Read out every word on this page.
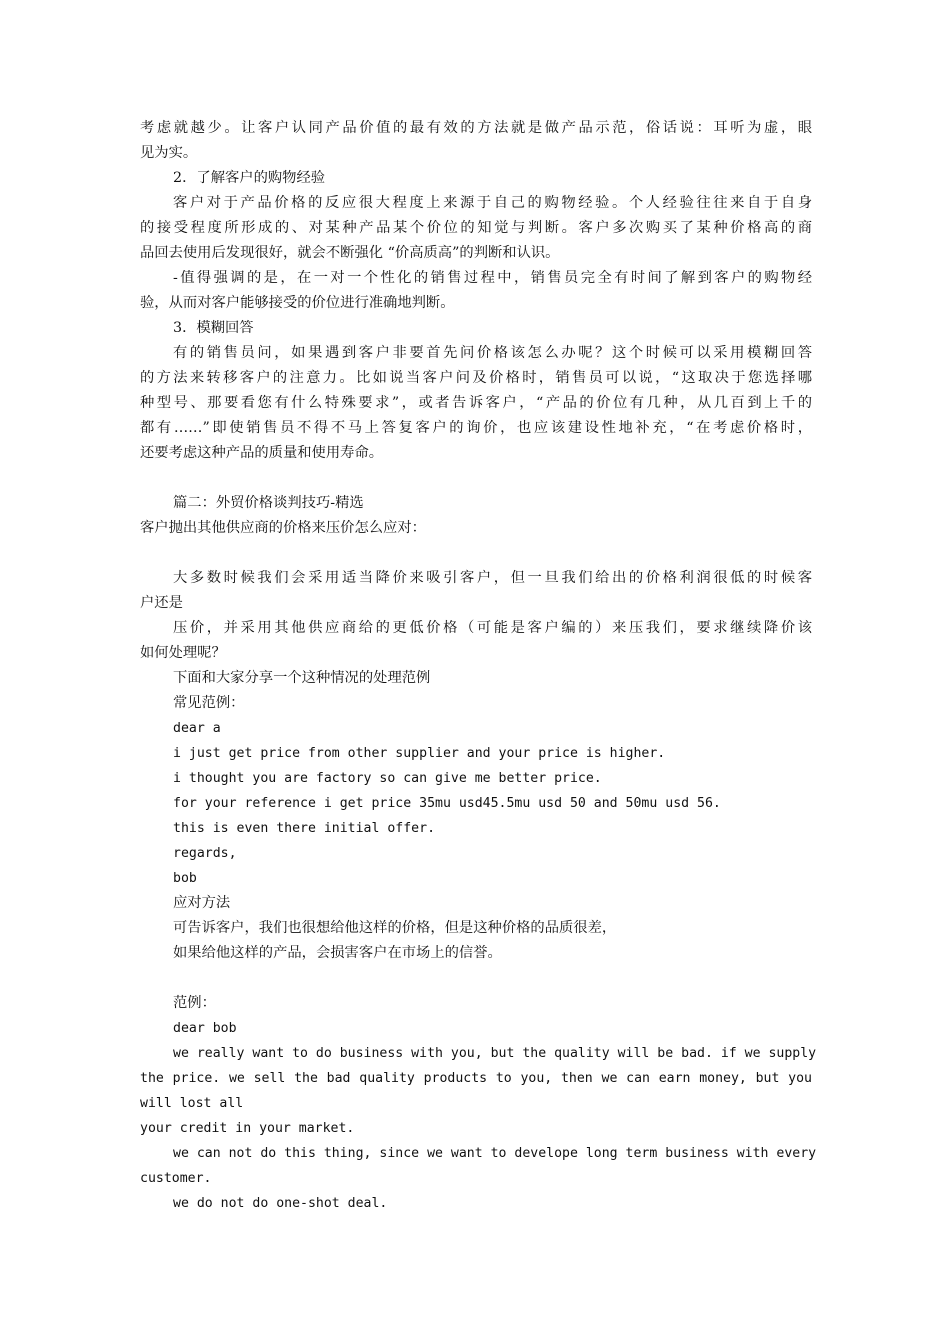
考虑就越少。让客户认同产品价值的最有效的方法就是做产品示范，俗话说：耳听为虚，眼
见为实。
2．了解客户的购物经验
客户对于产品价格的反应很大程度上来源于自己的购物经验。个人经验往往来自于自身
的接受程度所形成的、对某种产品某个价位的知觉与判断。客户多次购买了某种价格高的商
品回去使用后发现很好，就会不断强化 “价高质高”的判断和认识。
-值得强调的是，在一对一个性化的销售过程中，销售员完全有时间了解到客户的购物经
验，从而对客户能够接受的价位进行准确地判断。
3．模糊回答
有的销售员问，如果遇到客户非要首先问价格该怎么办呢？这个时候可以采用模糊回答
的方法来转移客户的注意力。比如说当客户问及价格时，销售员可以说，“这取决于您选择哪
种型号、那要看您有什么特殊要求”，或者告诉客户，“产品的价位有几种，从几百到上千的
都有……”即使销售员不得不马上答复客户的询价，也应该建设性地补充，“在考虑价格时，
还要考虑这种产品的质量和使用寿命。
篇二：外贸价格谈判技巧-精选
客户抛出其他供应商的价格来压价怎么应对：
大多数时候我们会采用适当降价来吸引客户，但一旦我们给出的价格利润很低的时候客
户还是
压价，并采用其他供应商给的更低价格（可能是客户编的）来压我们，要求继续降价该
如何处理呢？
下面和大家分享一个这种情况的处理范例
常见范例：
dear a
i just get price from other supplier and your price is higher.
i thought you are factory so can give me better price.
for your reference i get price 35mu usd45.5mu usd 50 and 50mu usd 56.
this is even there initial offer.
regards,
bob
应对方法
可告诉客户，我们也很想给他这样的价格，但是这种价格的品质很差，
如果给他这样的产品，会损害客户在市场上的信誉。
范例：
dear bob
we really want to do business with you, but the quality will be bad. if we supply
the price. we sell the bad quality products to you, then we can earn money, but you
will lost all
your credit in your market.
we can not do this thing, since we want to develope long term business with every
customer.
we do not do one-shot deal.
